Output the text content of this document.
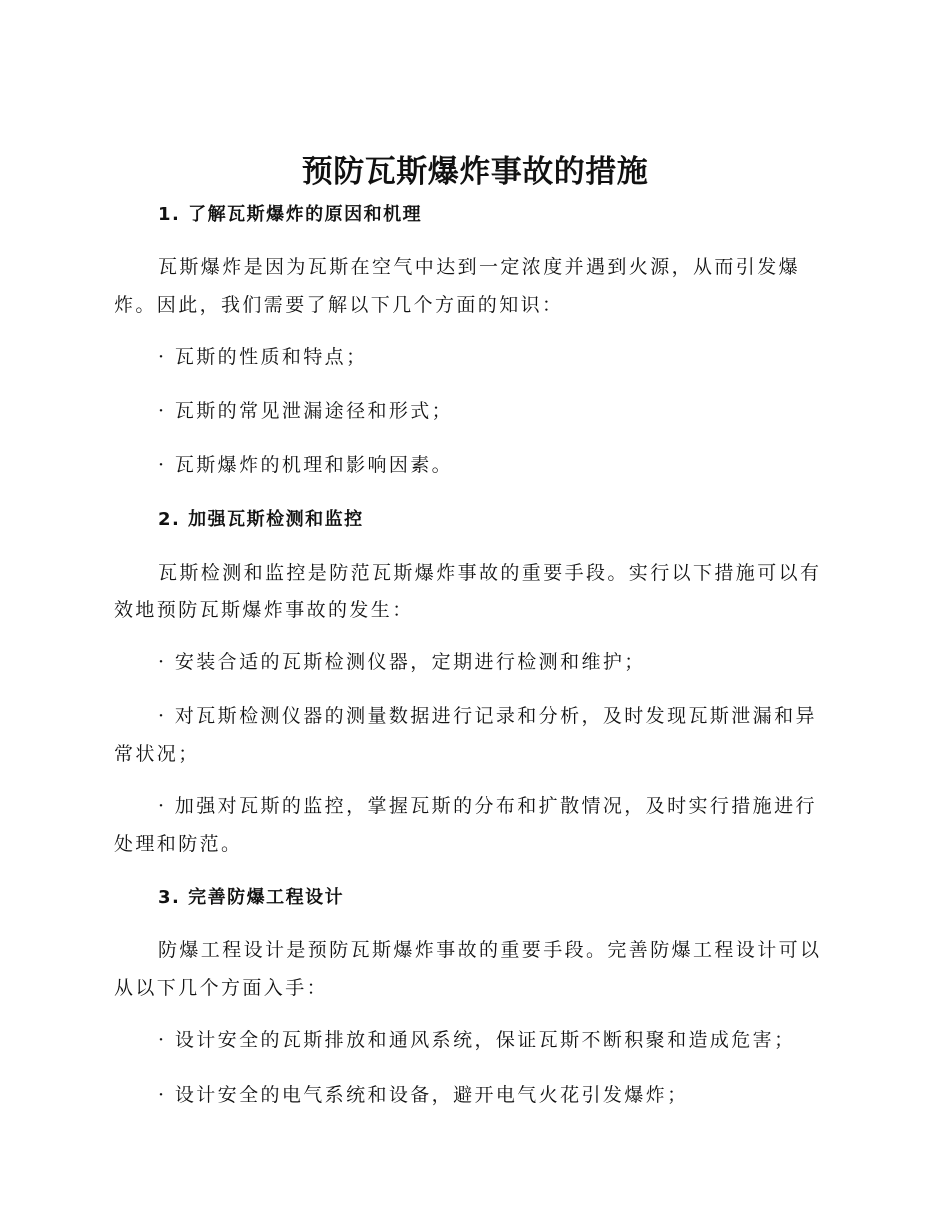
预防瓦斯爆炸事故的措施
1. 了解瓦斯爆炸的原因和机理
瓦斯爆炸是因为瓦斯在空气中达到一定浓度并遇到火源，从而引发爆
炸。因此，我们需要了解以下几个方面的知识：
· 瓦斯的性质和特点；
· 瓦斯的常见泄漏途径和形式；
· 瓦斯爆炸的机理和影响因素。
2. 加强瓦斯检测和监控
瓦斯检测和监控是防范瓦斯爆炸事故的重要手段。实行以下措施可以有
效地预防瓦斯爆炸事故的发生：
· 安装合适的瓦斯检测仪器，定期进行检测和维护；
· 对瓦斯检测仪器的测量数据进行记录和分析，及时发现瓦斯泄漏和异
常状况；
· 加强对瓦斯的监控，掌握瓦斯的分布和扩散情况，及时实行措施进行
处理和防范。
3. 完善防爆工程设计
防爆工程设计是预防瓦斯爆炸事故的重要手段。完善防爆工程设计可以
从以下几个方面入手：
· 设计安全的瓦斯排放和通风系统，保证瓦斯不断积聚和造成危害；
· 设计安全的电气系统和设备，避开电气火花引发爆炸；
